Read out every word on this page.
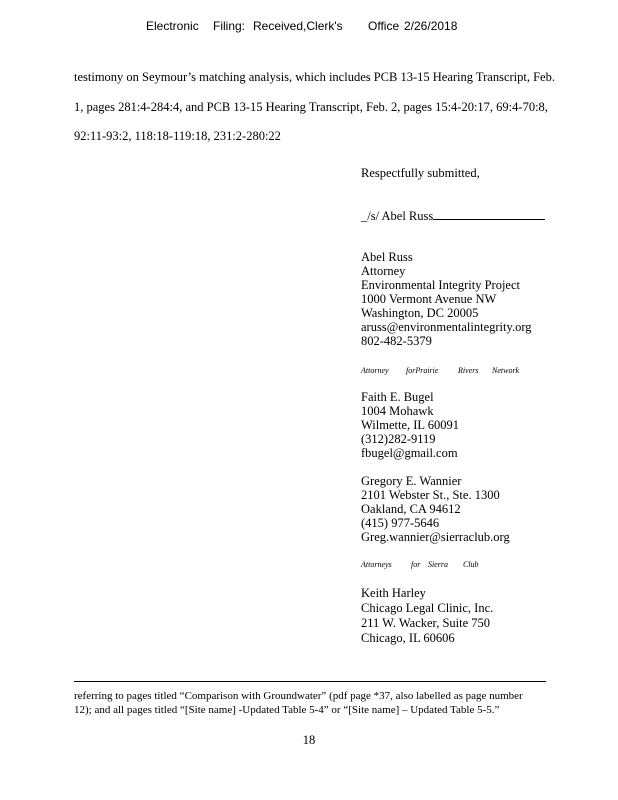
Electronic Filing: Received,Clerk's Office 2/26/2018
testimony on Seymour’s matching analysis, which includes PCB 13-15 Hearing Transcript, Feb.
1, pages 281:4-284:4, and PCB 13-15 Hearing Transcript, Feb. 2, pages 15:4-20:17, 69:4-70:8,
92:11-93:2, 118:18-119:18, 231:2-280:22
Respectfully submitted,
_/s/ Abel Russ
Abel Russ
Attorney
Environmental Integrity Project
1000 Vermont Avenue NW
Washington, DC 20005
aruss@environmentalintegrity.org
802-482-5379
Attorney forPrairie Rivers Network
Faith E. Bugel
1004 Mohawk
Wilmette, IL 60091
(312)282-9119
fbugel@gmail.com
Gregory E. Wannier
2101 Webster St., Ste. 1300
Oakland, CA 94612
(415) 977-5646
Greg.wannier@sierraclub.org
Attorneys for Sierra Club
Keith Harley
Chicago Legal Clinic, Inc.
211 W. Wacker, Suite 750
Chicago, IL 60606
referring to pages titled “Comparison with Groundwater” (pdf page *37, also labelled as page number
12); and all pages titled “[Site name] -Updated Table 5-4” or “[Site name] – Updated Table 5-5.”
18
